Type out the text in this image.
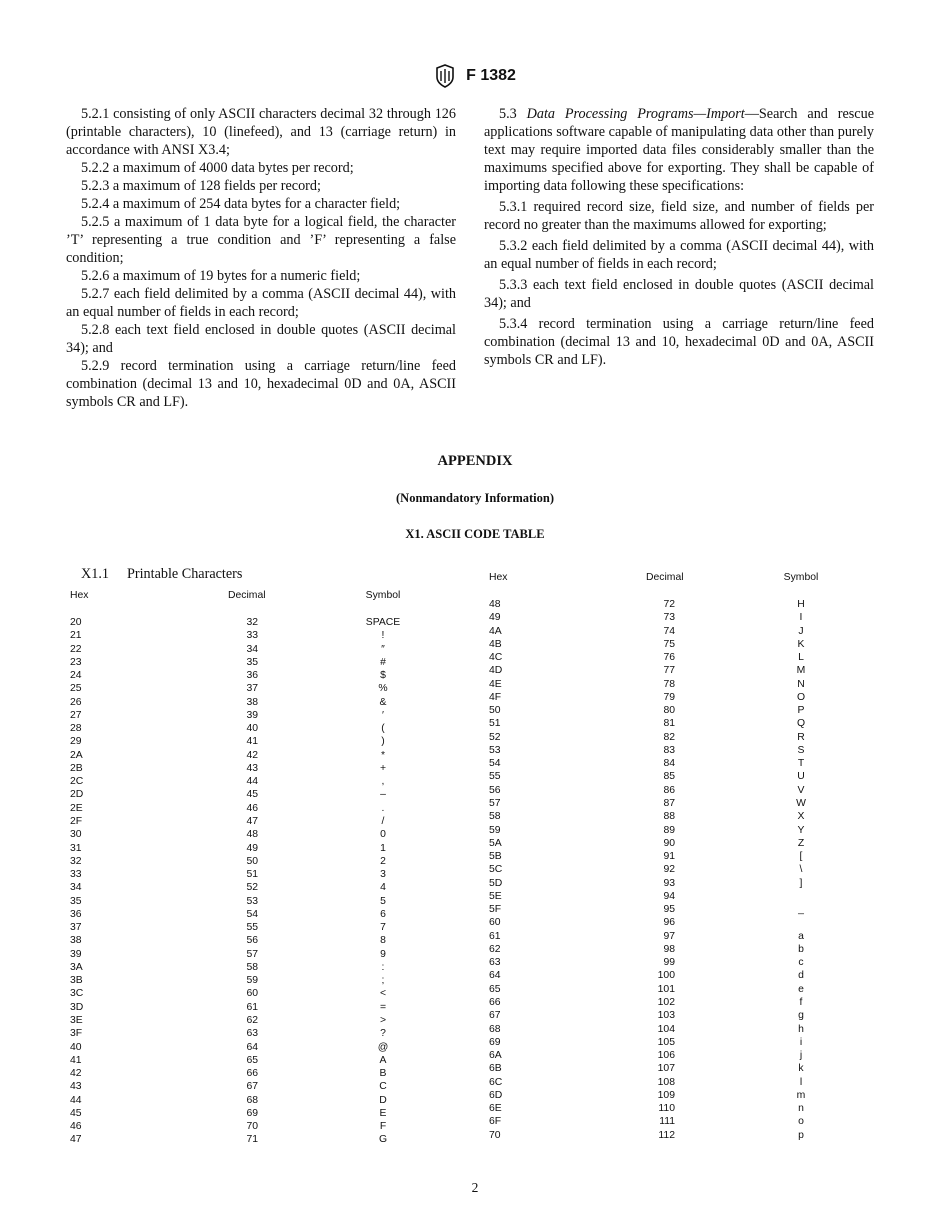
F 1382

5.2.1 consisting of only ASCII characters decimal 32 through 126 (printable characters), 10 (linefeed), and 13 (carriage return) in accordance with ANSI X3.4;

5.2.2 a maximum of 4000 data bytes per record;

5.2.3 a maximum of 128 fields per record;

5.2.4 a maximum of 254 data bytes for a character field;

5.2.5 a maximum of 1 data byte for a logical field, the character ’T’ representing a true condition and ’F’ representing a false condition;

5.2.6 a maximum of 19 bytes for a numeric field;

5.2.7 each field delimited by a comma (ASCII decimal 44), with an equal number of fields in each record;

5.2.8 each text field enclosed in double quotes (ASCII decimal 34); and

5.2.9 record termination using a carriage return/line feed combination (decimal 13 and 10, hexadecimal 0D and 0A, ASCII symbols CR and LF).

5.3 Data Processing Programs—Import—Search and rescue applications software capable of manipulating data other than purely text may require imported data files considerably smaller than the maximums specified above for exporting. They shall be capable of importing data following these specifications:

5.3.1 required record size, field size, and number of fields per record no greater than the maximums allowed for exporting;

5.3.2 each field delimited by a comma (ASCII decimal 44), with an equal number of fields in each record;

5.3.3 each text field enclosed in double quotes (ASCII decimal 34); and

5.3.4 record termination using a carriage return/line feed combination (decimal 13 and 10, hexadecimal 0D and 0A, ASCII symbols CR and LF).

APPENDIX
(Nonmandatory Information)
X1. ASCII CODE TABLE
X1.1 Printable Characters
Hex	Decimal	Symbol
20	32	SPACE
21	33	!
22	34	″
23	35	#
24	36	$
25	37	%
26	38	&
27	39	′
28	40	(
29	41	)
2A	42	*
2B	43	+
2C	44	,
2D	45	–
2E	46	.
2F	47	/
30	48	0
31	49	1
32	50	2
33	51	3
34	52	4
35	53	5
36	54	6
37	55	7
38	56	8
39	57	9
3A	58	:
3B	59	;
3C	60	<
3D	61	=
3E	62	>
3F	63	?
40	64	@
41	65	A
42	66	B
43	67	C
44	68	D
45	69	E
46	70	F
47	71	G
Hex	Decimal	Symbol
48	72	H
49	73	I
4A	74	J
4B	75	K
4C	76	L
4D	77	M
4E	78	N
4F	79	O
50	80	P
51	81	Q
52	82	R
53	83	S
54	84	T
55	85	U
56	86	V
57	87	W
58	88	X
59	89	Y
5A	90	Z
5B	91	[
5C	92	\
5D	93	]
5E	94
5F	95	_
60	96
61	97	a
62	98	b
63	99	c
64	100	d
65	101	e
66	102	f
67	103	g
68	104	h
69	105	i
6A	106	j
6B	107	k
6C	108	l
6D	109	m
6E	110	n
6F	111	o
70	112	p
2
